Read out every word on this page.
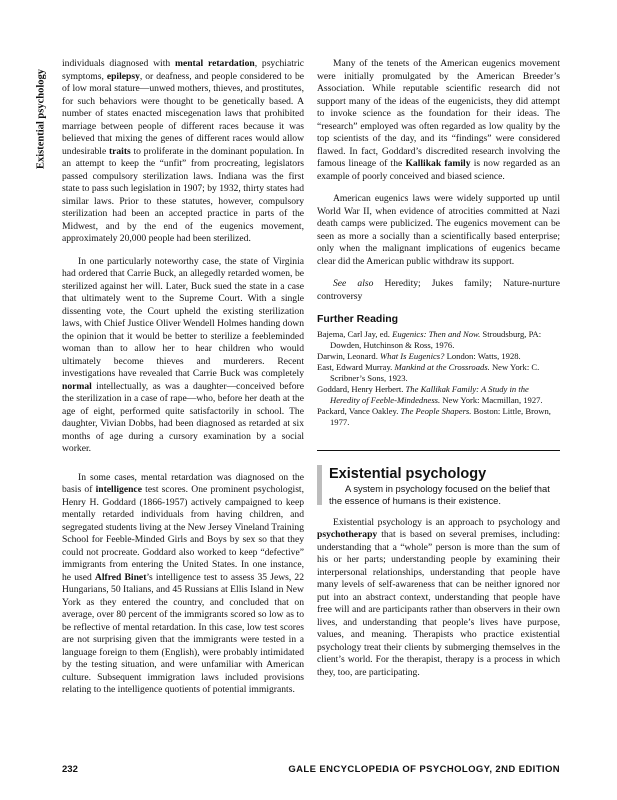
Existential psychology

individuals diagnosed with mental retardation, psychiatric symptoms, epilepsy, or deafness, and people considered to be of low moral stature—unwed mothers, thieves, and prostitutes, for such behaviors were thought to be genetically based. A number of states enacted miscegenation laws that prohibited marriage between people of different races because it was believed that mixing the genes of different races would allow undesirable traits to proliferate in the dominant population. In an attempt to keep the “unfit” from procreating, legislators passed compulsory sterilization laws. Indiana was the first state to pass such legislation in 1907; by 1932, thirty states had similar laws. Prior to these statutes, however, compulsory sterilization had been an accepted practice in parts of the Midwest, and by the end of the eugenics movement, approximately 20,000 people had been sterilized.

In one particularly noteworthy case, the state of Virginia had ordered that Carrie Buck, an allegedly retarded women, be sterilized against her will. Later, Buck sued the state in a case that ultimately went to the Supreme Court. With a single dissenting vote, the Court upheld the existing sterilization laws, with Chief Justice Oliver Wendell Holmes handing down the opinion that it would be better to sterilize a feebleminded woman than to allow her to hear children who would ultimately become thieves and murderers. Recent investigations have revealed that Carrie Buck was completely normal intellectually, as was a daughter—conceived before the sterilization in a case of rape—who, before her death at the age of eight, performed quite satisfactorily in school. The daughter, Vivian Dobbs, had been diagnosed as retarded at six months of age during a cursory examination by a social worker.

In some cases, mental retardation was diagnosed on the basis of intelligence test scores. One prominent psychologist, Henry H. Goddard (1866-1957) actively campaigned to keep mentally retarded individuals from having children, and segregated students living at the New Jersey Vineland Training School for Feeble-Minded Girls and Boys by sex so that they could not procreate. Goddard also worked to keep “defective” immigrants from entering the United States. In one instance, he used Alfred Binet’s intelligence test to assess 35 Jews, 22 Hungarians, 50 Italians, and 45 Russians at Ellis Island in New York as they entered the country, and concluded that on average, over 80 percent of the immigrants scored so low as to be reflective of mental retardation. In this case, low test scores are not surprising given that the immigrants were tested in a language foreign to them (English), were probably intimidated by the testing situation, and were unfamiliar with American culture. Subsequent immigration laws included provisions relating to the intelligence quotients of potential immigrants.

Many of the tenets of the American eugenics movement were initially promulgated by the American Breeder’s Association. While reputable scientific research did not support many of the ideas of the eugenicists, they did attempt to invoke science as the foundation for their ideas. The “research” employed was often regarded as low quality by the top scientists of the day, and its “findings” were considered flawed. In fact, Goddard’s discredited research involving the famous lineage of the Kallikak family is now regarded as an example of poorly conceived and biased science.

American eugenics laws were widely supported up until World War II, when evidence of atrocities committed at Nazi death camps were publicized. The eugenics movement can be seen as more a socially than a scientifically based enterprise; only when the malignant implications of eugenics became clear did the American public withdraw its support.

See also Heredity; Jukes family; Nature-nurture controversy

Further Reading
Bajema, Carl Jay, ed. Eugenics: Then and Now. Stroudsburg, PA: Dowden, Hutchinson & Ross, 1976.
Darwin, Leonard. What Is Eugenics? London: Watts, 1928.
East, Edward Murray. Mankind at the Crossroads. New York: C. Scribner’s Sons, 1923.
Goddard, Henry Herbert. The Kallikak Family: A Study in the Heredity of Feeble-Mindedness. New York: Macmillan, 1927.
Packard, Vance Oakley. The People Shapers. Boston: Little, Brown, 1977.
Existential psychology

A system in psychology focused on the belief that the essence of humans is their existence.

Existential psychology is an approach to psychology and psychotherapy that is based on several premises, including: understanding that a “whole” person is more than the sum of his or her parts; understanding people by examining their interpersonal relationships, understanding that people have many levels of self-awareness that can be neither ignored nor put into an abstract context, understanding that people have free will and are participants rather than observers in their own lives, and understanding that people’s lives have purpose, values, and meaning. Therapists who practice existential psychology treat their clients by submerging themselves in the client’s world. For the therapist, therapy is a process in which they, too, are participating.

232	GALE ENCYCLOPEDIA OF PSYCHOLOGY, 2ND EDITION
